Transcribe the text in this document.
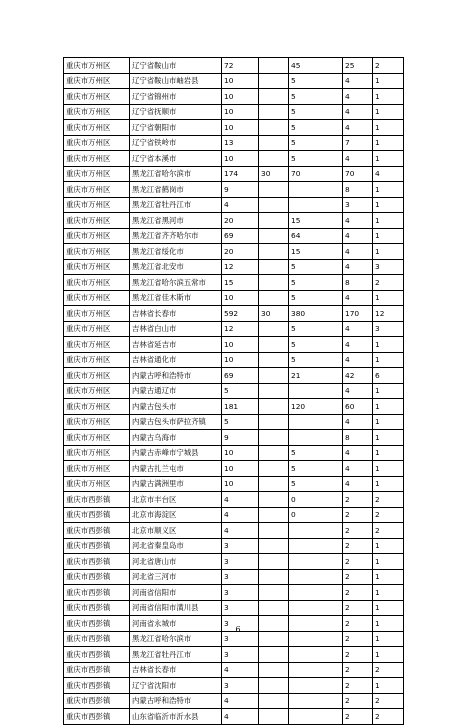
重庆市万州区	辽宁省鞍山市	72		45	25	2
重庆市万州区	辽宁省鞍山市岫岩县	10		5	4	1
重庆市万州区	辽宁省锦州市	10		5	4	1
重庆市万州区	辽宁省抚顺市	10		5	4	1
重庆市万州区	辽宁省朝阳市	10		5	4	1
重庆市万州区	辽宁省铁岭市	13		5	7	1
重庆市万州区	辽宁省本溪市	10		5	4	1
重庆市万州区	黑龙江省哈尔滨市	174	30	70	70	4
重庆市万州区	黑龙江省鹤岗市	9			8	1
重庆市万州区	黑龙江省牡丹江市	4			3	1
重庆市万州区	黑龙江省黑河市	20		15	4	1
重庆市万州区	黑龙江省齐齐哈尔市	69		64	4	1
重庆市万州区	黑龙江省绥化市	20		15	4	1
重庆市万州区	黑龙江省北安市	12		5	4	3
重庆市万州区	黑龙江省哈尔滨五常市	15		5	8	2
重庆市万州区	黑龙江省佳木斯市	10		5	4	1
重庆市万州区	吉林省长春市	592	30	380	170	12
重庆市万州区	吉林省白山市	12		5	4	3
重庆市万州区	吉林省延吉市	10		5	4	1
重庆市万州区	吉林省通化市	10		5	4	1
重庆市万州区	内蒙古呼和浩特市	69		21	42	6
重庆市万州区	内蒙古通辽市	5			4	1
重庆市万州区	内蒙古包头市	181		120	60	1
重庆市万州区	内蒙古包头市萨拉齐镇	5			4	1
重庆市万州区	内蒙古乌海市	9			8	1
重庆市万州区	内蒙古赤峰市宁城县	10		5	4	1
重庆市万州区	内蒙古扎兰屯市	10		5	4	1
重庆市万州区	内蒙古满洲里市	10		5	4	1
重庆市西彭镇	北京市丰台区	4		0	2	2
重庆市西彭镇	北京市海淀区	4		0	2	2
重庆市西彭镇	北京市顺义区	4			2	2
重庆市西彭镇	河北省秦皇岛市	3			2	1
重庆市西彭镇	河北省唐山市	3			2	1
重庆市西彭镇	河北省三河市	3			2	1
重庆市西彭镇	河南省信阳市	3			2	1
重庆市西彭镇	河南省信阳市潢川县	3			2	1
重庆市西彭镇	河南省永城市	3			2	1
重庆市西彭镇	黑龙江省哈尔滨市	3			2	1
重庆市西彭镇	黑龙江省牡丹江市	3			2	1
重庆市西彭镇	吉林省长春市	4			2	2
重庆市西彭镇	辽宁省沈阳市	3			2	1
重庆市西彭镇	内蒙古呼和浩特市	4			2	2
重庆市西彭镇	山东省临沂市沂水县	4			2	2
6
